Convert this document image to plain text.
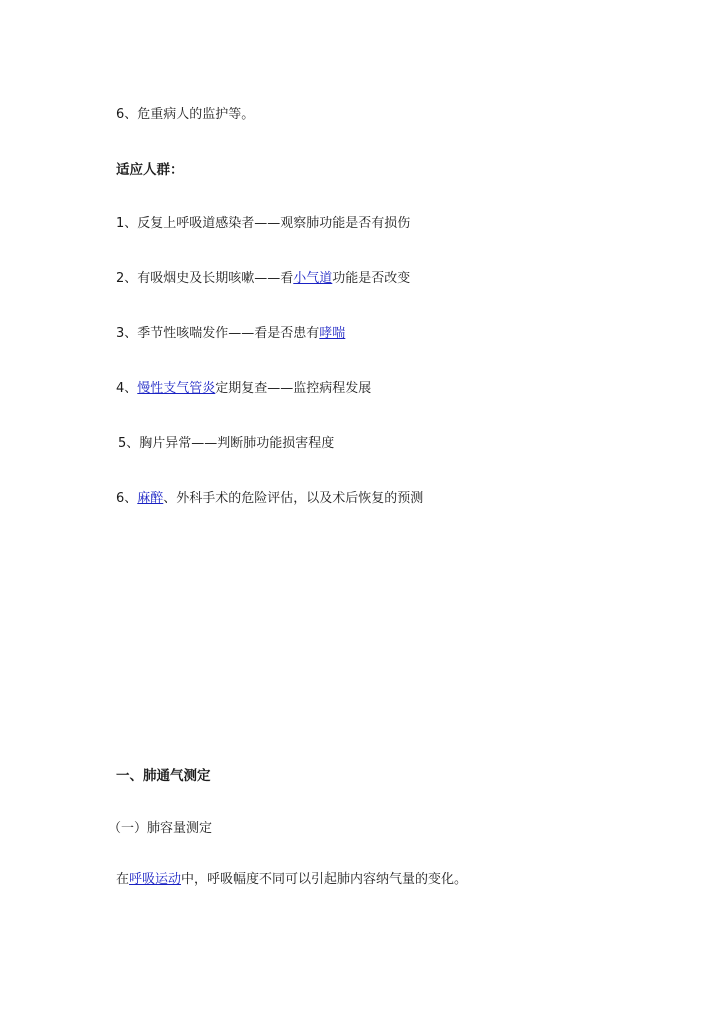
6、危重病人的监护等。
适应人群：
1、反复上呼吸道感染者——观察肺功能是否有损伤
2、有吸烟史及长期咳嗽——看小气道功能是否改变
3、季节性咳喘发作——看是否患有哮喘
4、慢性支气管炎定期复查——监控病程发展
5、胸片异常——判断肺功能损害程度
6、麻醉、外科手术的危险评估，以及术后恢复的预测
一、肺通气测定
（一）肺容量测定
在呼吸运动中，呼吸幅度不同可以引起肺内容纳气量的变化。
